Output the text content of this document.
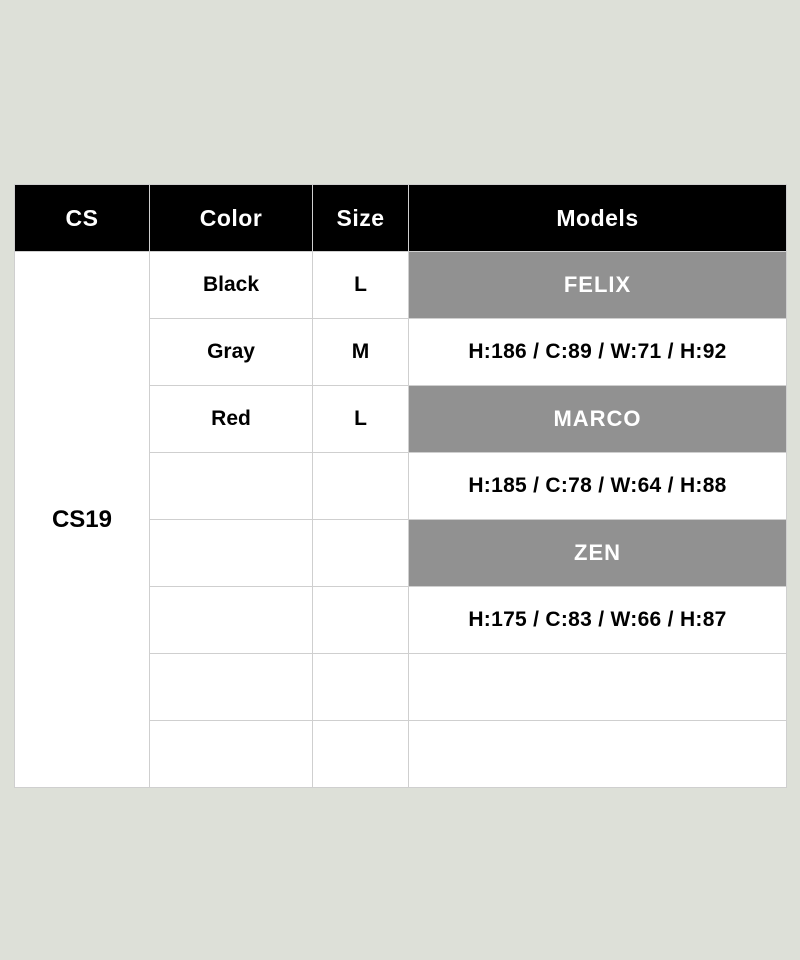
CS	Color	Size	Models
CS19	Black	L	FELIX
	Gray	M	H:186 / C:89 / W:71 / H:92
	Red	L	MARCO
			H:185 / C:78 / W:64 / H:88
			ZEN
			H:175 / C:83 / W:66 / H:87
